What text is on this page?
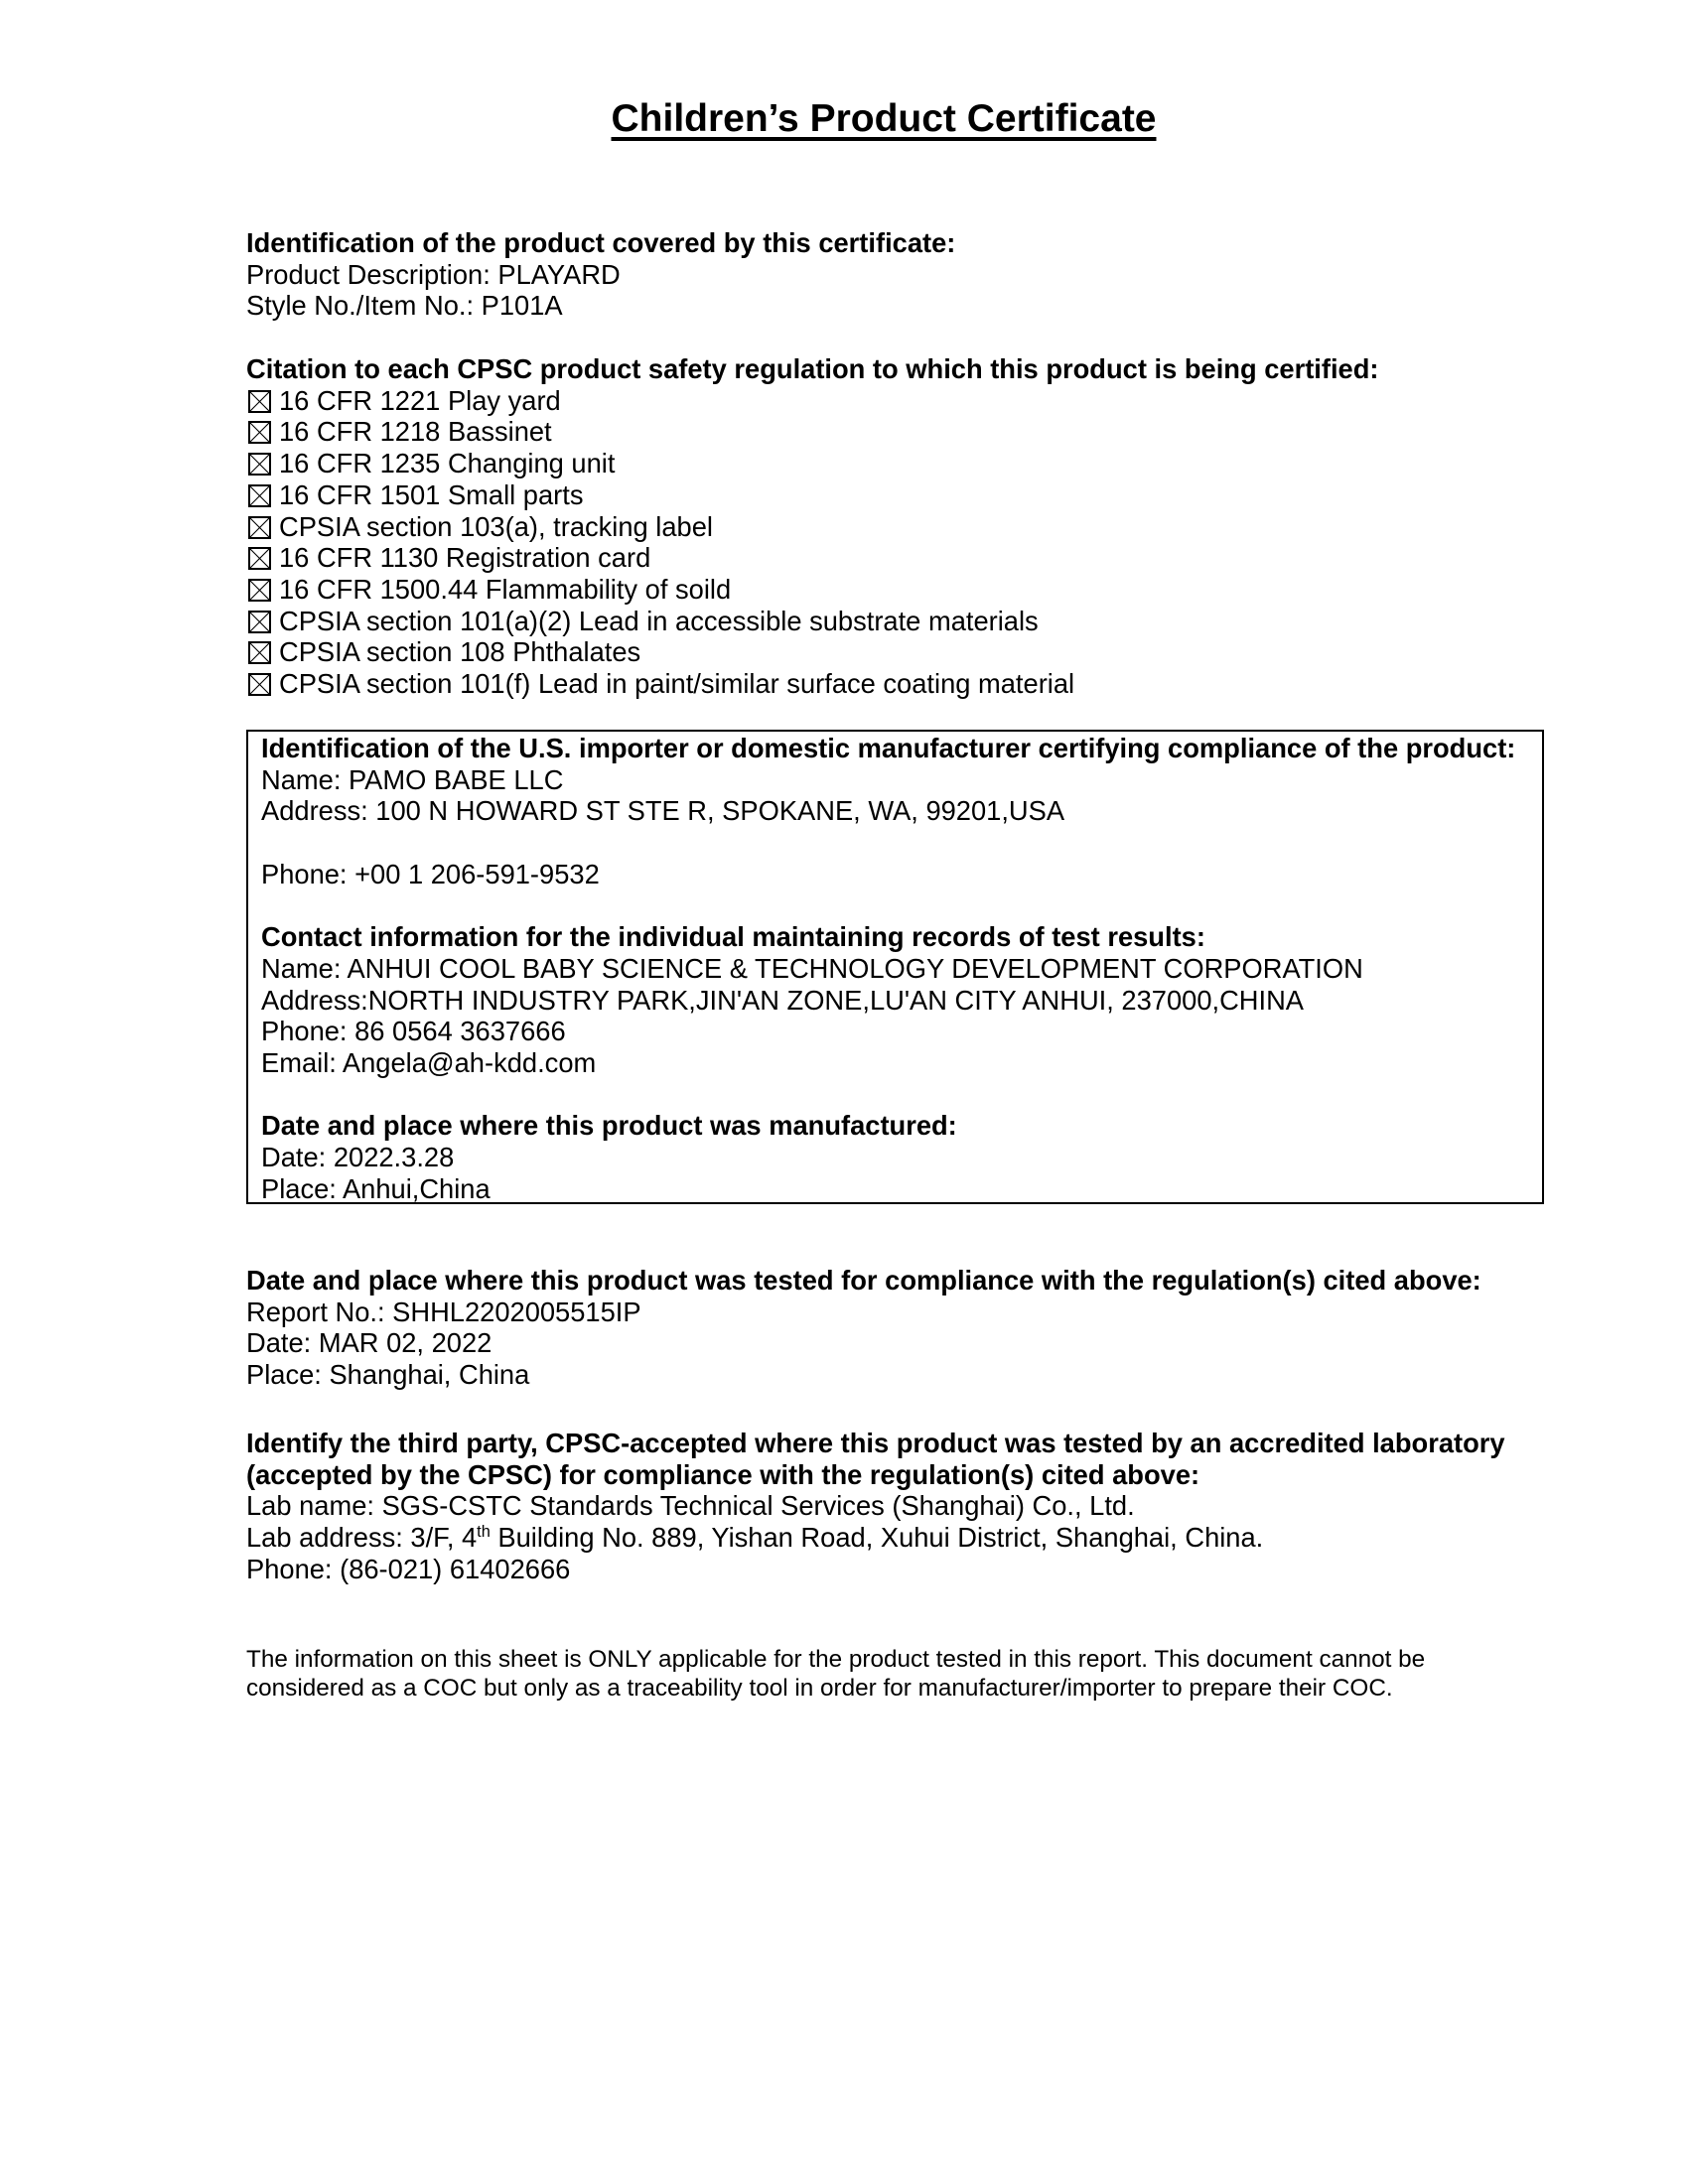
Children’s Product Certificate
Identification of the product covered by this certificate:
Product Description: PLAYARD
Style No./Item No.: P101A
Citation to each CPSC product safety regulation to which this product is being certified:
16 CFR 1221 Play yard
16 CFR 1218 Bassinet
16 CFR 1235 Changing unit
16 CFR 1501 Small parts
CPSIA section 103(a), tracking label
16 CFR 1130 Registration card
16 CFR 1500.44 Flammability of soild
CPSIA section 101(a)(2) Lead in accessible substrate materials
CPSIA section 108 Phthalates
CPSIA section 101(f) Lead in paint/similar surface coating material
Identification of the U.S. importer or domestic manufacturer certifying compliance of the product:
Name: PAMO BABE LLC
Address: 100 N HOWARD ST STE R, SPOKANE, WA, 99201,USA
Phone: +00 1 206-591-9532
Contact information for the individual maintaining records of test results:
Name: ANHUI COOL BABY SCIENCE & TECHNOLOGY DEVELOPMENT CORPORATION
Address:NORTH INDUSTRY PARK,JIN'AN ZONE,LU'AN CITY ANHUI, 237000,CHINA
Phone: 86 0564 3637666
Email: Angela@ah-kdd.com
Date and place where this product was manufactured:
Date: 2022.3.28
Place: Anhui,China
Date and place where this product was tested for compliance with the regulation(s) cited above:
Report No.: SHHL2202005515IP
Date: MAR 02, 2022
Place: Shanghai, China
Identify the third party, CPSC-accepted where this product was tested by an accredited laboratory
(accepted by the CPSC) for compliance with the regulation(s) cited above:
Lab name: SGS-CSTC Standards Technical Services (Shanghai) Co., Ltd.
Lab address: 3/F, 4th Building No. 889, Yishan Road, Xuhui District, Shanghai, China.
Phone: (86-021) 61402666
The information on this sheet is ONLY applicable for the product tested in this report. This document cannot be
considered as a COC but only as a traceability tool in order for manufacturer/importer to prepare their COC.
